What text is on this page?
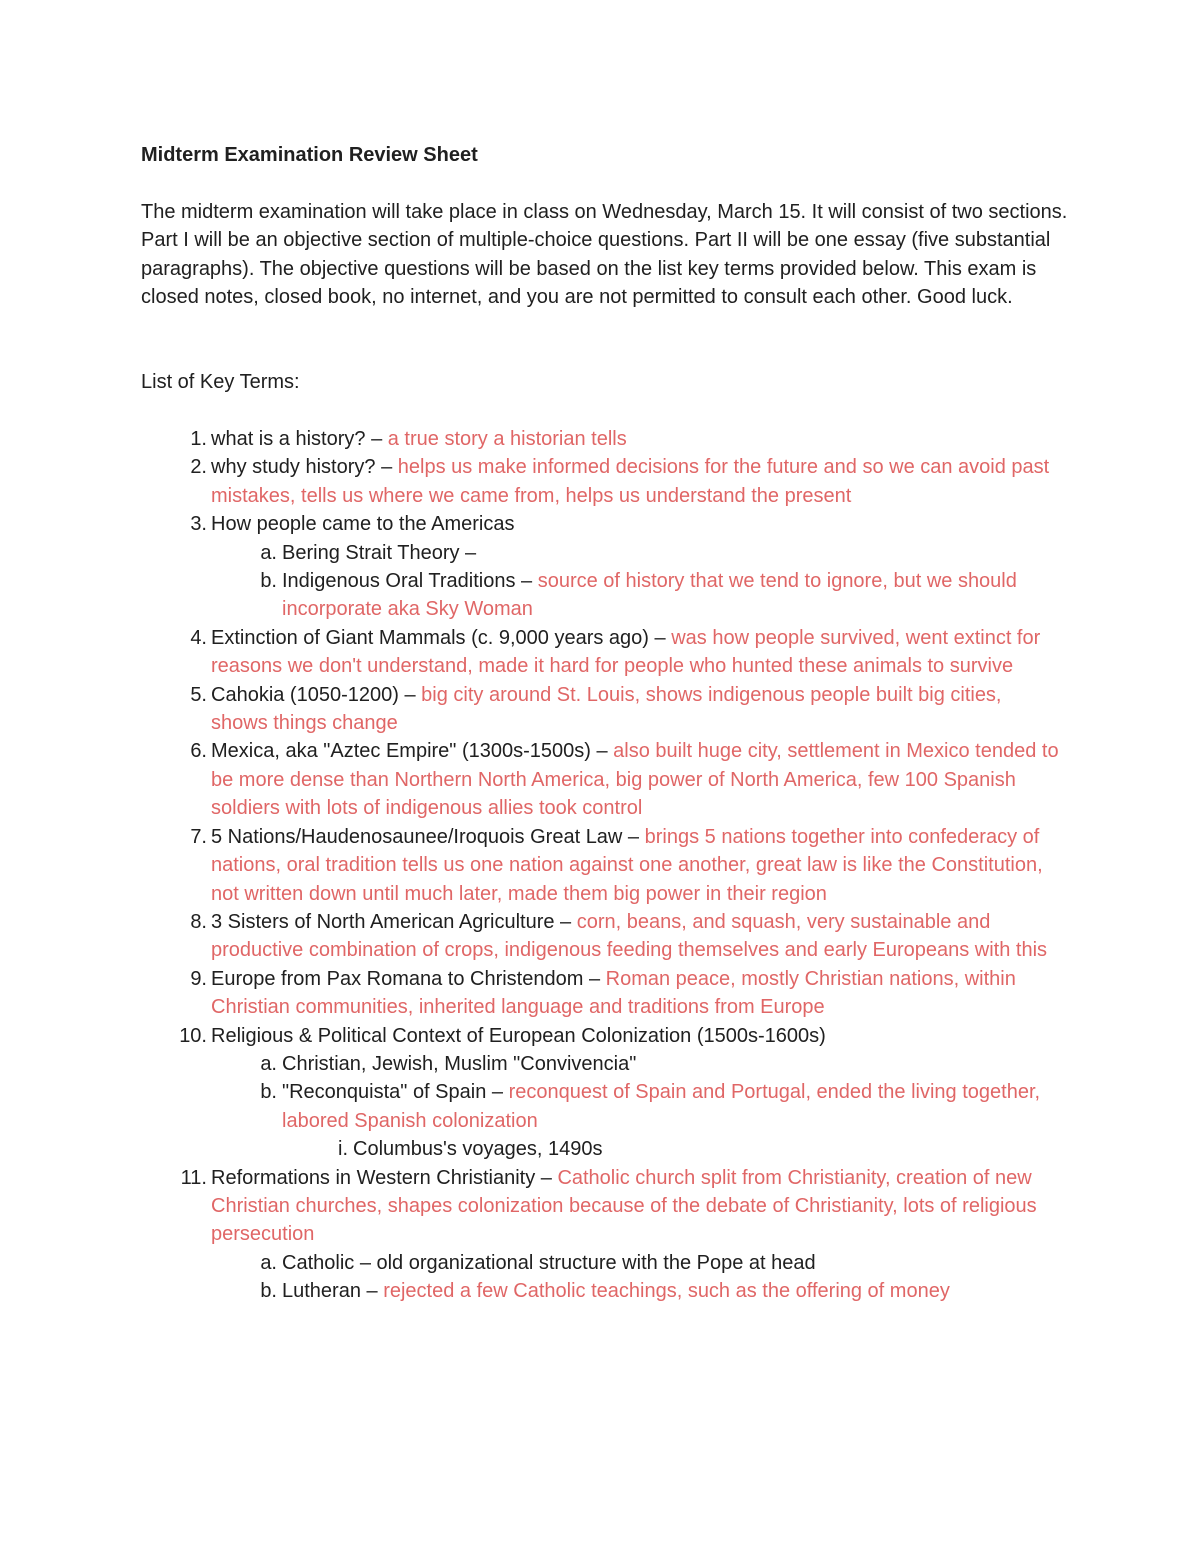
Midterm Examination Review Sheet
The midterm examination will take place in class on Wednesday, March 15. It will consist of two sections. Part I will be an objective section of multiple-choice questions. Part II will be one essay (five substantial paragraphs). The objective questions will be based on the list key terms provided below. This exam is closed notes, closed book, no internet, and you are not permitted to consult each other. Good luck.
List of Key Terms:
1. what is a history? – a true story a historian tells
2. why study history? – helps us make informed decisions for the future and so we can avoid past mistakes, tells us where we came from, helps us understand the present
3. How people came to the Americas
a. Bering Strait Theory –
b. Indigenous Oral Traditions – source of history that we tend to ignore, but we should incorporate aka Sky Woman
4. Extinction of Giant Mammals (c. 9,000 years ago) – was how people survived, went extinct for reasons we don't understand, made it hard for people who hunted these animals to survive
5. Cahokia (1050-1200) – big city around St. Louis, shows indigenous people built big cities, shows things change
6. Mexica, aka "Aztec Empire" (1300s-1500s) – also built huge city, settlement in Mexico tended to be more dense than Northern North America, big power of North America, few 100 Spanish soldiers with lots of indigenous allies took control
7. 5 Nations/Haudenosaunee/Iroquois Great Law – brings 5 nations together into confederacy of nations, oral tradition tells us one nation against one another, great law is like the Constitution, not written down until much later, made them big power in their region
8. 3 Sisters of North American Agriculture – corn, beans, and squash, very sustainable and productive combination of crops, indigenous feeding themselves and early Europeans with this
9. Europe from Pax Romana to Christendom – Roman peace, mostly Christian nations, within Christian communities, inherited language and traditions from Europe
10. Religious & Political Context of European Colonization (1500s-1600s)
a. Christian, Jewish, Muslim "Convivencia"
b. "Reconquista" of Spain – reconquest of Spain and Portugal, ended the living together, labored Spanish colonization
i. Columbus's voyages, 1490s
11. Reformations in Western Christianity – Catholic church split from Christianity, creation of new Christian churches, shapes colonization because of the debate of Christianity, lots of religious persecution
a. Catholic – old organizational structure with the Pope at head
b. Lutheran – rejected a few Catholic teachings, such as the offering of money
